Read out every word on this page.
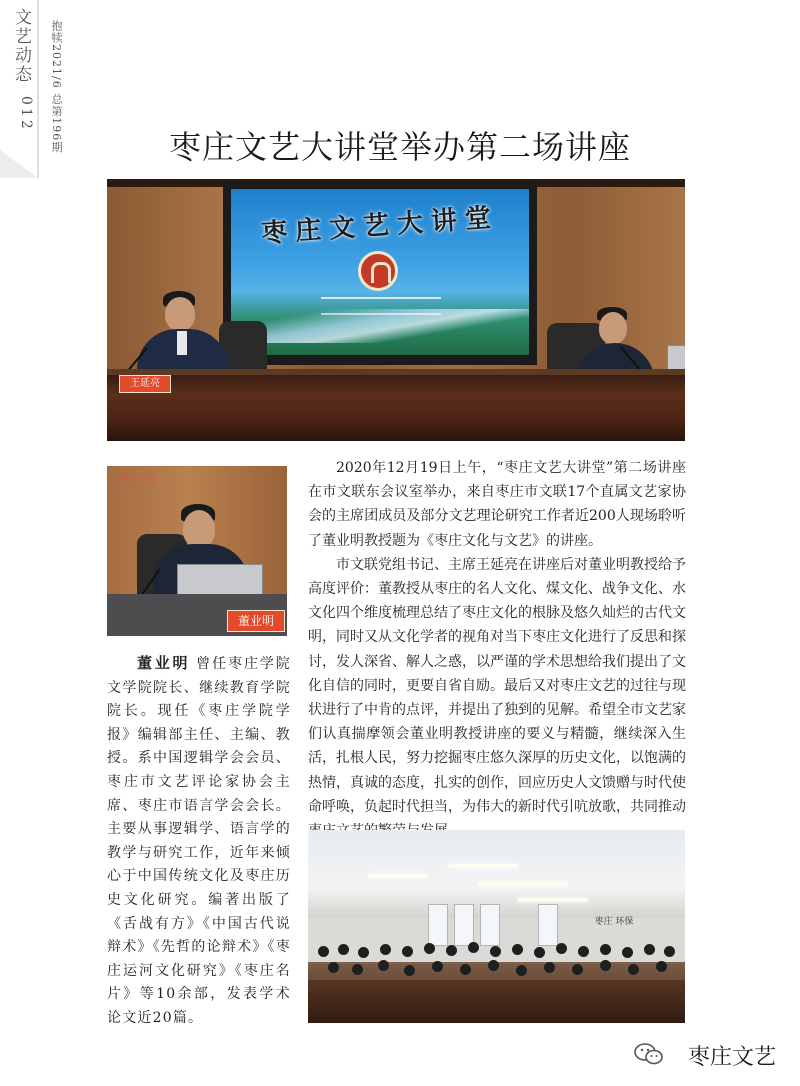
文艺动态
012 抱犊2021/6 总第196期	枣庄文艺大讲堂举办第二场讲座
枣庄文艺大讲堂
王延亮
枣庄文联
董业明
董业明 曾任枣庄学院文学院院长、继续教育学院院长。现任《枣庄学院学报》编辑部主任、主编、教授。系中国逻辑学会会员、枣庄市文艺评论家协会主席、枣庄市语言学会会长。主要从事逻辑学、语言学的教学与研究工作，近年来倾心于中国传统文化及枣庄历史文化研究。编著出版了《舌战有方》《中国古代说辩术》《先哲的论辩术》《枣庄运河文化研究》《枣庄名片》等10余部，发表学术论文近20篇。

2020年12月19日上午，“枣庄文艺大讲堂”第二场讲座在市文联东会议室举办，来自枣庄市文联17个直属文艺家协会的主席团成员及部分文艺理论研究工作者近200人现场聆听了董业明教授题为《枣庄文化与文艺》的讲座。

市文联党组书记、主席王延亮在讲座后对董业明教授给予高度评价：董教授从枣庄的名人文化、煤文化、战争文化、水文化四个维度梳理总结了枣庄文化的根脉及悠久灿烂的古代文明，同时又从文化学者的视角对当下枣庄文化进行了反思和探讨，发人深省、解人之惑，以严谨的学术思想给我们提出了文化自信的同时，更要自省自励。最后又对枣庄文艺的过往与现状进行了中肯的点评，并提出了独到的见解。希望全市文艺家们认真揣摩领会董业明教授讲座的要义与精髓，继续深入生活，扎根人民，努力挖掘枣庄悠久深厚的历史文化，以饱满的热情，真诚的态度，扎实的创作，回应历史人文馈赠与时代使命呼唤，负起时代担当，为伟大的新时代引吭放歌，共同推动

枣庄 环保
枣庄文艺
